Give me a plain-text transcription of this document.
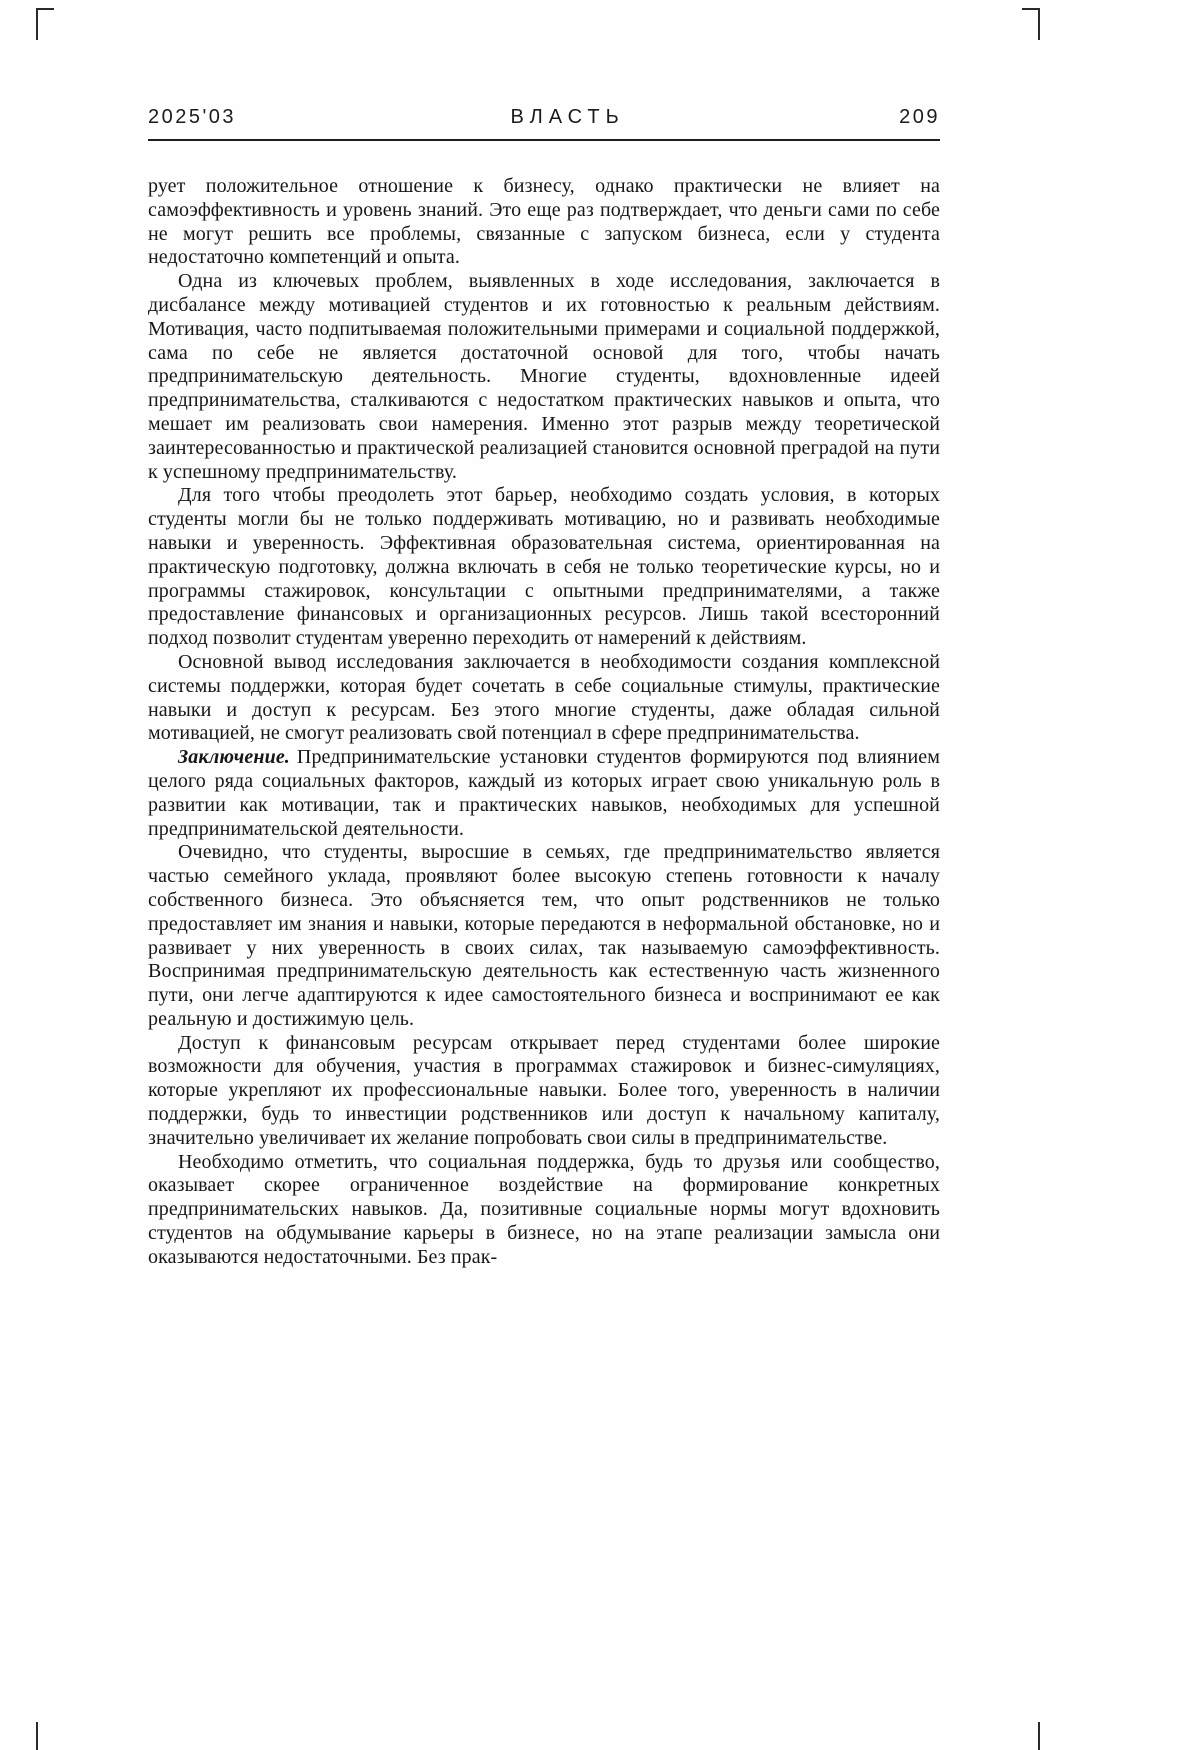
2025'03	ВЛАСТЬ	209

рует положительное отношение к бизнесу, однако практически не влияет на самоэффективность и уровень знаний. Это еще раз подтверждает, что деньги сами по себе не могут решить все проблемы, связанные с запуском бизнеса, если у студента недостаточно компетенций и опыта.

Одна из ключевых проблем, выявленных в ходе исследования, заключается в дисбалансе между мотивацией студентов и их готовностью к реальным действиям. Мотивация, часто подпитываемая положительными примерами и социальной поддержкой, сама по себе не является достаточной основой для того, чтобы начать предпринимательскую деятельность. Многие студенты, вдохновленные идеей предпринимательства, сталкиваются с недостатком практических навыков и опыта, что мешает им реализовать свои намерения. Именно этот разрыв между теоретической заинтересованностью и практической реализацией становится основной преградой на пути к успешному предпринимательству.

Для того чтобы преодолеть этот барьер, необходимо создать условия, в которых студенты могли бы не только поддерживать мотивацию, но и развивать необходимые навыки и уверенность. Эффективная образовательная система, ориентированная на практическую подготовку, должна включать в себя не только теоретические курсы, но и программы стажировок, консультации с опытными предпринимателями, а также предоставление финансовых и организационных ресурсов. Лишь такой всесторонний подход позволит студентам уверенно переходить от намерений к действиям.

Основной вывод исследования заключается в необходимости создания комплексной системы поддержки, которая будет сочетать в себе социальные стимулы, практические навыки и доступ к ресурсам. Без этого многие студенты, даже обладая сильной мотивацией, не смогут реализовать свой потенциал в сфере предпринимательства.

Заключение. Предпринимательские установки студентов формируются под влиянием целого ряда социальных факторов, каждый из которых играет свою уникальную роль в развитии как мотивации, так и практических навыков, необходимых для успешной предпринимательской деятельности.

Очевидно, что студенты, выросшие в семьях, где предпринимательство является частью семейного уклада, проявляют более высокую степень готовности к началу собственного бизнеса. Это объясняется тем, что опыт родственников не только предоставляет им знания и навыки, которые передаются в неформальной обстановке, но и развивает у них уверенность в своих силах, так называемую самоэффективность. Воспринимая предпринимательскую деятельность как естественную часть жизненного пути, они легче адаптируются к идее самостоятельного бизнеса и воспринимают ее как реальную и достижимую цель.

Доступ к финансовым ресурсам открывает перед студентами более широкие возможности для обучения, участия в программах стажировок и бизнес-симуляциях, которые укрепляют их профессиональные навыки. Более того, уверенность в наличии поддержки, будь то инвестиции родственников или доступ к начальному капиталу, значительно увеличивает их желание попробовать свои силы в предпринимательстве.

Необходимо отметить, что социальная поддержка, будь то друзья или сообщество, оказывает скорее ограниченное воздействие на формирование конкретных предпринимательских навыков. Да, позитивные социальные нормы могут вдохновить студентов на обдумывание карьеры в бизнесе, но на этапе реализации замысла они оказываются недостаточными. Без прак-
